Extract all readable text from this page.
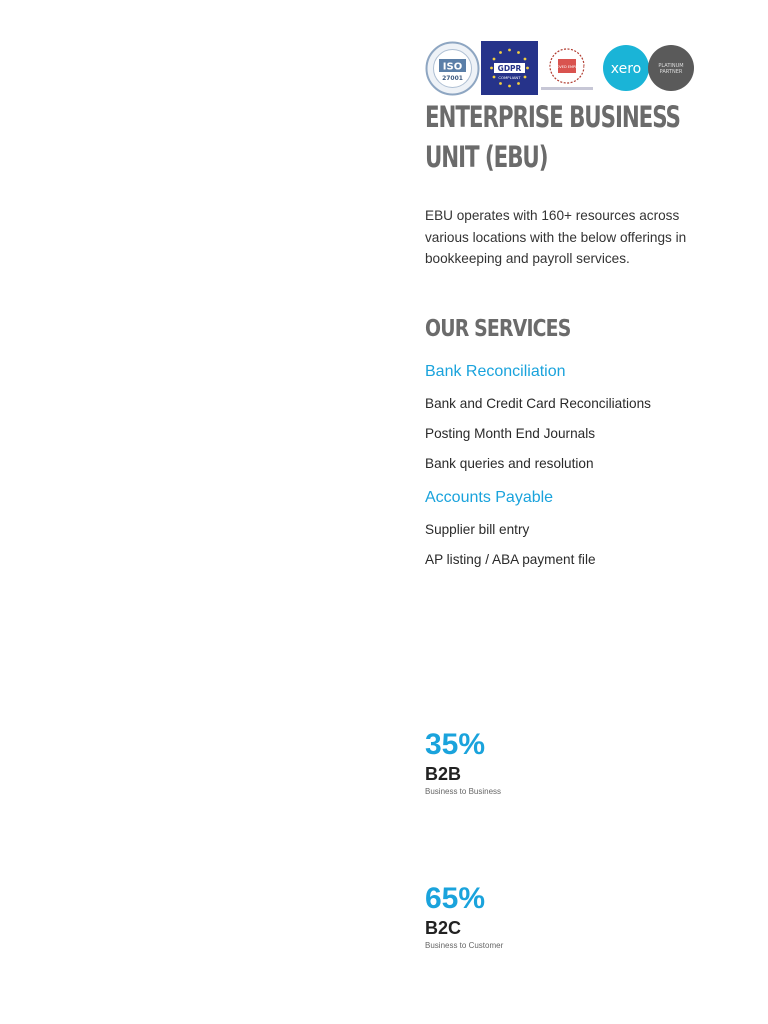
ISO
27001
GDPR
COMPLIANT
APPROVED EMPLOYER xero	PLATINUM
PARTNER
ENTERPRISE BUSINESS UNIT (EBU)
EBU operates with 160+ resources across various locations with the below offerings in bookkeeping and payroll services.
OUR SERVICES
Bank Reconciliation
Bank and Credit Card Reconciliations
Posting Month End Journals
Bank queries and resolution
Accounts Payable
Supplier bill entry
AP listing / ABA payment file
35%
B2B
Business to Business
65%
B2C
Business to Customer
